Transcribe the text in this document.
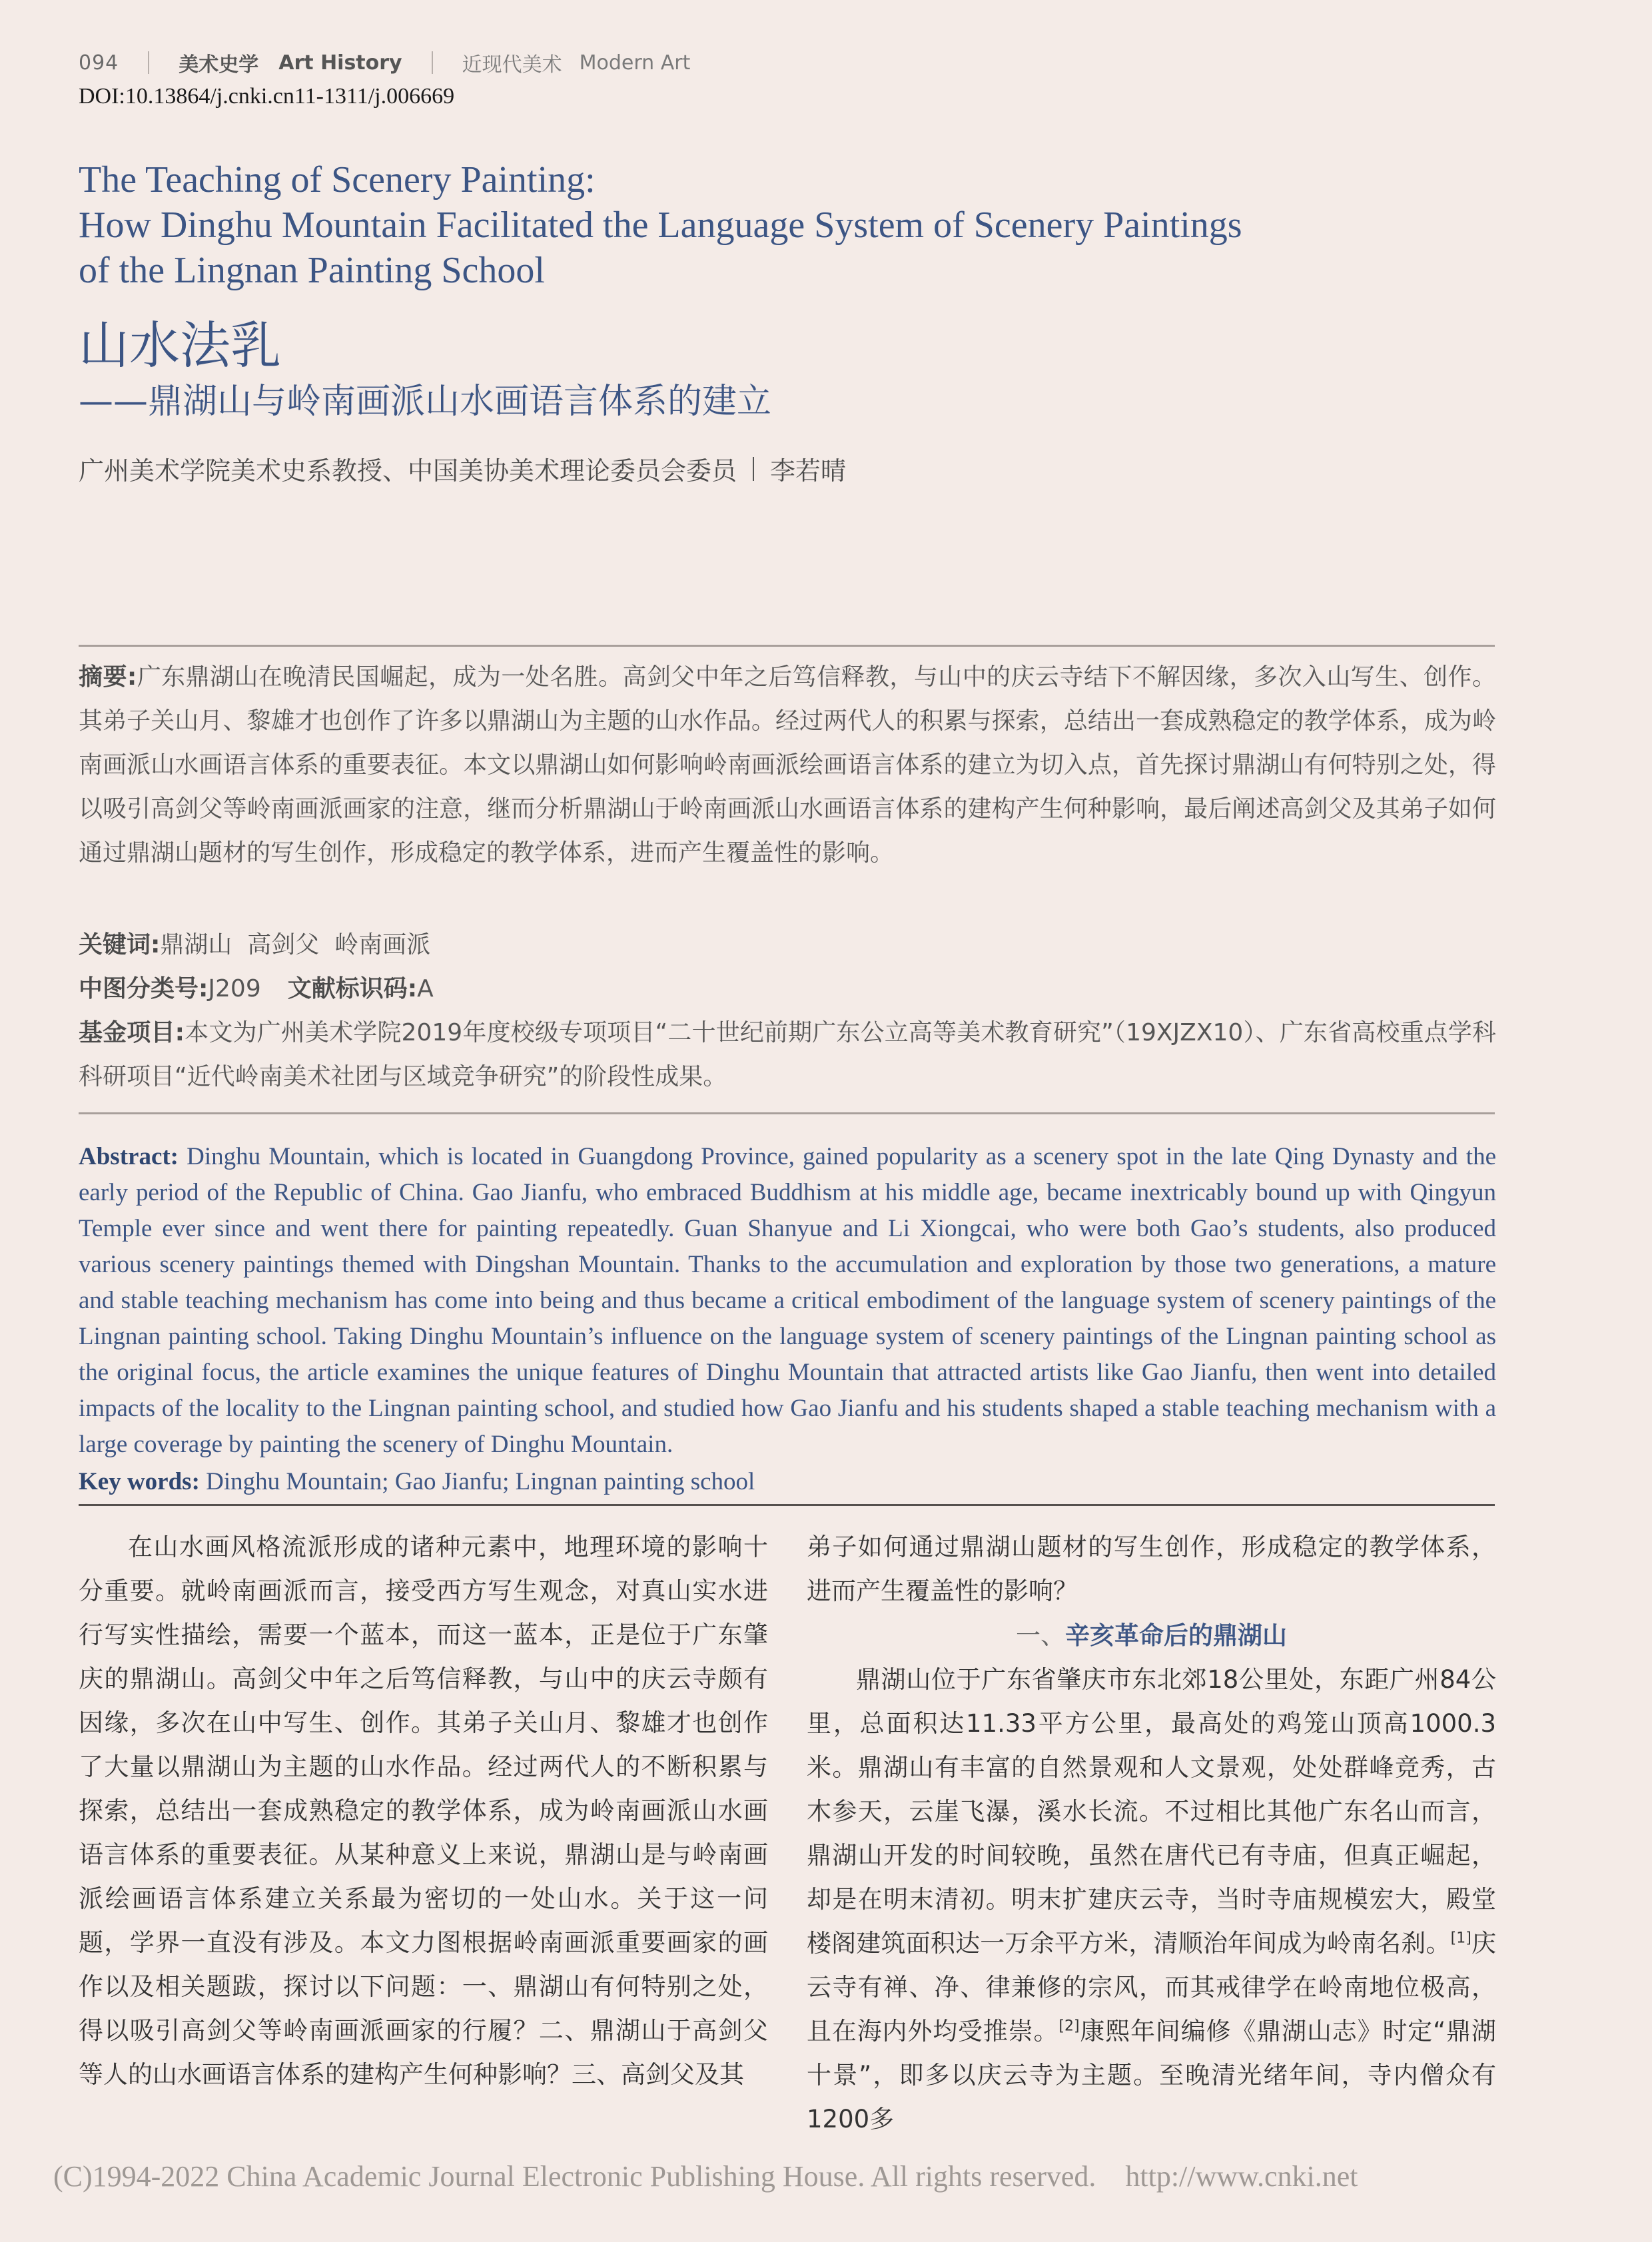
094	美术史学 Art History	近现代美术 Modern Art
DOI:10.13864/j.cnki.cn11-1311/j.006669
The Teaching of Scenery Painting:
How Dinghu Mountain Facilitated the Language System of Scenery Paintings
of the Lingnan Painting School
山水法乳
——鼎湖山与岭南画派山水画语言体系的建立
广州美术学院美术史系教授、中国美协美术理论委员会委员 李若晴
摘要:广东鼎湖山在晚清民国崛起，成为一处名胜。高剑父中年之后笃信释教，与山中的庆云寺结下不解因缘，多次入山写生、创作。其弟子关山月、黎雄才也创作了许多以鼎湖山为主题的山水作品。经过两代人的积累与探索，总结出一套成熟稳定的教学体系，成为岭南画派山水画语言体系的重要表征。本文以鼎湖山如何影响岭南画派绘画语言体系的建立为切入点，首先探讨鼎湖山有何特别之处，得以吸引高剑父等岭南画派画家的注意，继而分析鼎湖山于岭南画派山水画语言体系的建构产生何种影响，最后阐述高剑父及其弟子如何通过鼎湖山题材的写生创作，形成稳定的教学体系，进而产生覆盖性的影响。
关键词:鼎湖山  高剑父  岭南画派
中图分类号:J209 文献标识码:A
基金项目:本文为广州美术学院2019年度校级专项项目“二十世纪前期广东公立高等美术教育研究”（19XJZX10）、广东省高校重点学科科研项目“近代岭南美术社团与区域竞争研究”的阶段性成果。
Abstract: Dinghu Mountain, which is located in Guangdong Province, gained popularity as a scenery spot in the late Qing Dynasty and the early period of the Republic of China. Gao Jianfu, who embraced Buddhism at his middle age, became inextricably bound up with Qingyun Temple ever since and went there for painting repeatedly. Guan Shanyue and Li Xiongcai, who were both Gao’s students, also produced various scenery paintings themed with Dingshan Mountain. Thanks to the accumulation and exploration by those two generations, a mature and stable teaching mechanism has come into being and thus became a critical embodiment of the language system of scenery paintings of the Lingnan painting school. Taking Dinghu Mountain’s influence on the language system of scenery paintings of the Lingnan painting school as the original focus, the article examines the unique features of Dinghu Mountain that attracted artists like Gao Jianfu, then went into detailed impacts of the locality to the Lingnan painting school, and studied how Gao Jianfu and his students shaped a stable teaching mechanism with a large coverage by painting the scenery of Dinghu Mountain.
Key words: Dinghu Mountain; Gao Jianfu; Lingnan painting school

在山水画风格流派形成的诸种元素中，地理环境的影响十分重要。就岭南画派而言，接受西方写生观念，对真山实水进行写实性描绘，需要一个蓝本，而这一蓝本，正是位于广东肇庆的鼎湖山。高剑父中年之后笃信释教，与山中的庆云寺颇有因缘，多次在山中写生、创作。其弟子关山月、黎雄才也创作了大量以鼎湖山为主题的山水作品。经过两代人的不断积累与探索，总结出一套成熟稳定的教学体系，成为岭南画派山水画语言体系的重要表征。从某种意义上来说，鼎湖山是与岭南画派绘画语言体系建立关系最为密切的一处山水。关于这一问题，学界一直没有涉及。本文力图根据岭南画派重要画家的画作以及相关题跋，探讨以下问题：一、鼎湖山有何特别之处，得以吸引高剑父等岭南画派画家的行履？二、鼎湖山于高剑父等人的山水画语言体系的建构产生何种影响？三、高剑父及其

弟子如何通过鼎湖山题材的写生创作，形成稳定的教学体系，进而产生覆盖性的影响？

一、辛亥革命后的鼎湖山

鼎湖山位于广东省肇庆市东北郊18公里处，东距广州84公里，总面积达11.33平方公里，最高处的鸡笼山顶高1000.3米。鼎湖山有丰富的自然景观和人文景观，处处群峰竞秀，古木参天，云崖飞瀑，溪水长流。不过相比其他广东名山而言，鼎湖山开发的时间较晚，虽然在唐代已有寺庙，但真正崛起，却是在明末清初。明末扩建庆云寺，当时寺庙规模宏大，殿堂楼阁建筑面积达一万余平方米，清顺治年间成为岭南名刹。[1]庆云寺有禅、净、律兼修的宗风，而其戒律学在岭南地位极高，且在海内外均受推崇。[2]康熙年间编修《鼎湖山志》时定“鼎湖十景”，即多以庆云寺为主题。至晚清光绪年间，寺内僧众有1200多

(C)1994-2022 China Academic Journal Electronic Publishing House. All rights reserved. http://www.cnki.net
